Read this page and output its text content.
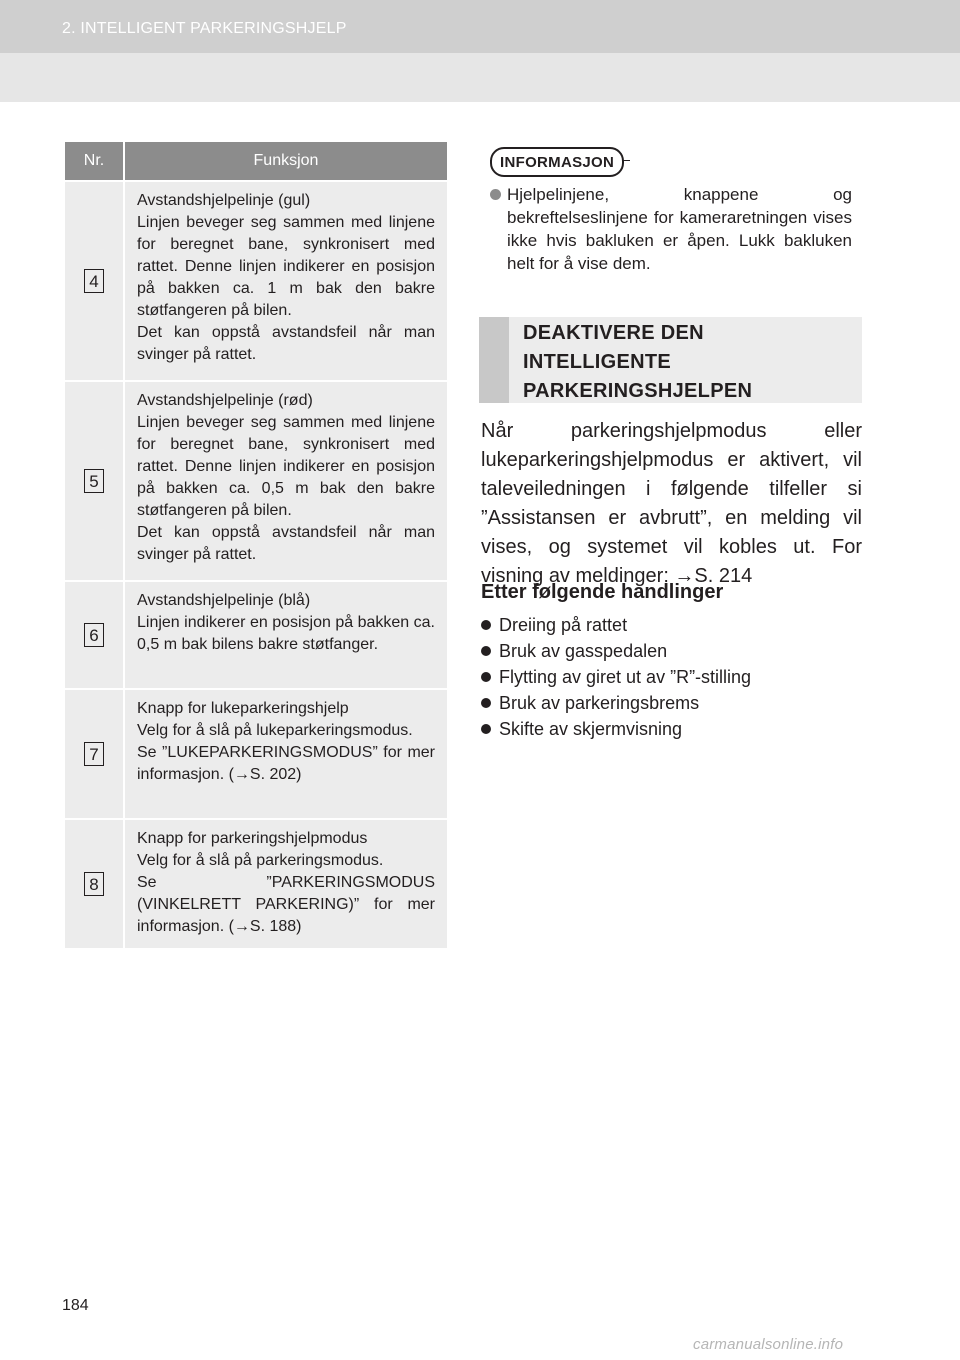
2. INTELLIGENT PARKERINGSHJELP
Nr.	Funksjon
4

Avstandshjelpelinje (gul)

Linjen beveger seg sammen med linjene for beregnet bane, synkronisert med rattet. Denne linjen indikerer en posisjon på bakken ca. 1 m bak den bakre støtfangeren på bilen.

Det kan oppstå avstandsfeil når man svinger på rattet.

5

Avstandshjelpelinje (rød)

Linjen beveger seg sammen med linjene for beregnet bane, synkronisert med rattet. Denne linjen indikerer en posisjon på bakken ca. 0,5 m bak den bakre støtfangeren på bilen.

Det kan oppstå avstandsfeil når man svinger på rattet.

6

Avstandshjelpelinje (blå)

Linjen indikerer en posisjon på bakken ca. 0,5 m bak bilens bakre støtfanger.

7

Knapp for lukeparkeringshjelp

Velg for å slå på lukeparkeringsmodus.

Se ”LUKEPARKERINGSMODUS” for mer informasjon. (→S. 202)

8

Knapp for parkeringshjelpmodus

Velg for å slå på parkeringsmodus.

Se ”PARKERINGSMODUS (VINKELRETT PARKERING)” for mer informasjon. (→S. 188)

INFORMASJON
Hjelpelinjene, knappene og bekreftelseslinjene for kameraretningen vises ikke hvis bakluken er åpen. Lukk bakluken helt for å vise dem.
DEAKTIVERE DEN
INTELLIGENTE
PARKERINGSHJELPEN
Når parkeringshjelpmodus eller lukeparkeringshjelpmodus er aktivert, vil taleveiledningen i følgende tilfeller si ”Assistansen er avbrutt”, en melding vil vises, og systemet vil kobles ut. For visning av meldinger: →S. 214
Etter følgende handlinger
Dreiing på rattet
Bruk av gasspedalen
Flytting av giret ut av ”R”-stilling
Bruk av parkeringsbrems
Skifte av skjermvisning
184
carmanualsonline.info
